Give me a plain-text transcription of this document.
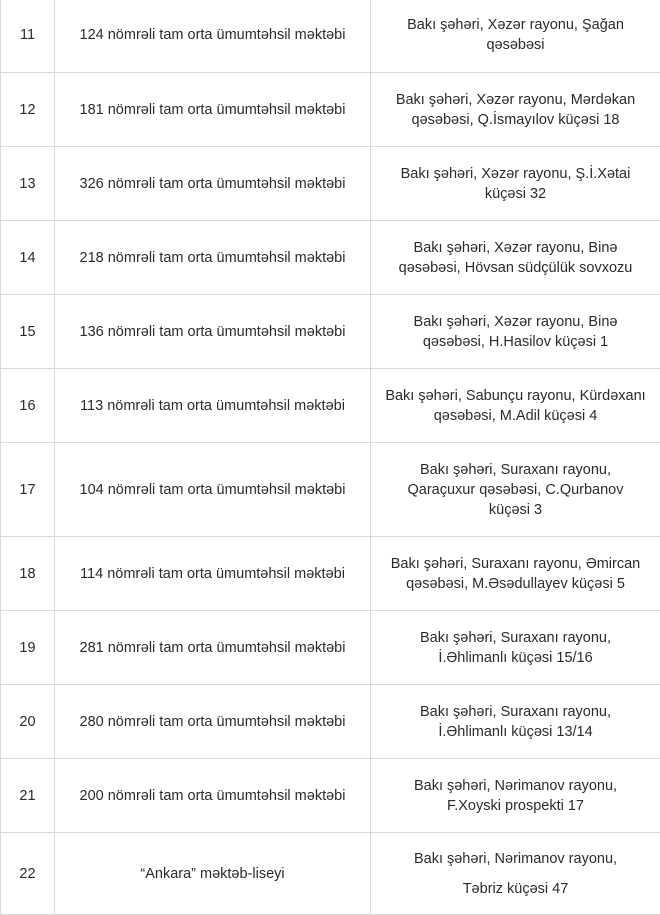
11	124 nömrəli tam orta ümumtəhsil məktəbi	Bakı şəhəri, Xəzər rayonu, Şağan
qəsəbəsi

12	181 nömrəli tam orta ümumtəhsil məktəbi	Bakı şəhəri, Xəzər rayonu, Mərdəkan
qəsəbəsi, Q.İsmayılov küçəsi 18

13	326 nömrəli tam orta ümumtəhsil məktəbi	Bakı şəhəri, Xəzər rayonu, Ş.İ.Xətai
küçəsi 32

14	218 nömrəli tam orta ümumtəhsil məktəbi	Bakı şəhəri, Xəzər rayonu, Binə
qəsəbəsi, Hövsan südçülük sovxozu

15	136 nömrəli tam orta ümumtəhsil məktəbi	Bakı şəhəri, Xəzər rayonu, Binə
qəsəbəsi, H.Hasilov küçəsi 1

16	113 nömrəli tam orta ümumtəhsil məktəbi	Bakı şəhəri, Sabunçu rayonu, Kürdəxanı
qəsəbəsi, M.Adil küçəsi 4

17	104 nömrəli tam orta ümumtəhsil məktəbi	Bakı şəhəri, Suraxanı rayonu,
Qaraçuxur qəsəbəsi, C.Qurbanov
küçəsi 3

18	114 nömrəli tam orta ümumtəhsil məktəbi	Bakı şəhəri, Suraxanı rayonu, Əmircan
qəsəbəsi, M.Əsədullayev küçəsi 5

19	281 nömrəli tam orta ümumtəhsil məktəbi	Bakı şəhəri, Suraxanı rayonu,
İ.Əhlimanlı küçəsi 15/16

20	280 nömrəli tam orta ümumtəhsil məktəbi	Bakı şəhəri, Suraxanı rayonu,
İ.Əhlimanlı küçəsi 13/14

21	200 nömrəli tam orta ümumtəhsil məktəbi	Bakı şəhəri, Nərimanov rayonu,
F.Xoyski prospekti 17

22	“Ankara” məktəb-liseyi	Bakı şəhəri, Nərimanov rayonu,
Təbriz küçəsi 47
